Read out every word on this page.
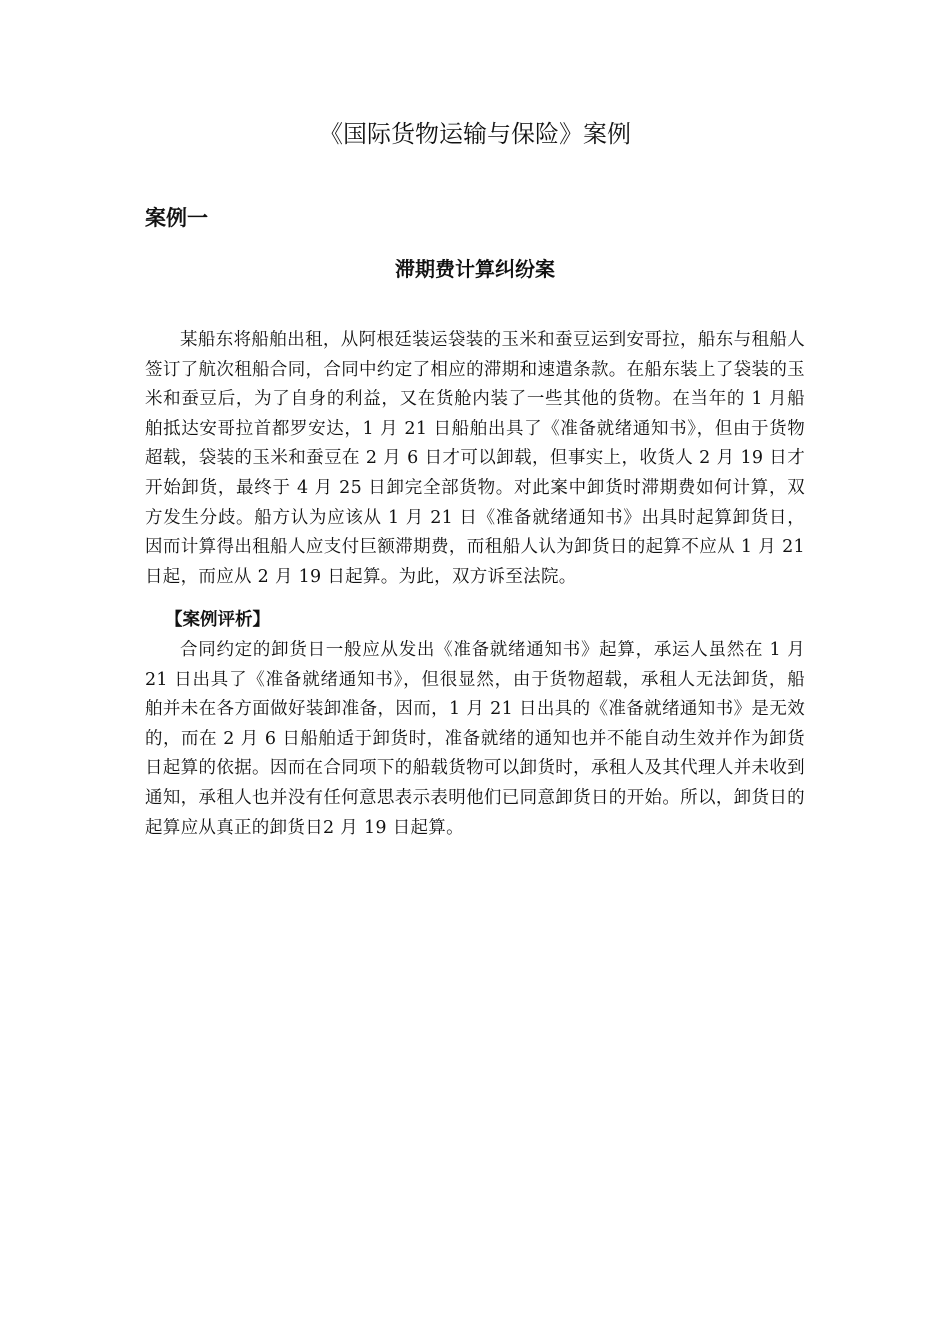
《国际货物运输与保险》案例
案例一
滞期费计算纠纷案

某船东将船舶出租，从阿根廷装运袋装的玉米和蚕豆运到安哥拉，船东与租船人签订了航次租船合同，合同中约定了相应的滞期和速遣条款。在船东装上了袋装的玉米和蚕豆后，为了自身的利益，又在货舱内装了一些其他的货物。在当年的 1 月船舶抵达安哥拉首都罗安达，1 月 21 日船舶出具了《准备就绪通知书》，但由于货物超载，袋装的玉米和蚕豆在 2 月 6 日才可以卸载，但事实上，收货人 2 月 19 日才开始卸货，最终于 4 月 25 日卸完全部货物。对此案中卸货时滞期费如何计算，双方发生分歧。船方认为应该从 1 月 21 日《准备就绪通知书》出具时起算卸货日，因而计算得出租船人应支付巨额滞期费，而租船人认为卸货日的起算不应从 1 月 21 日起，而应从 2 月 19 日起算。为此，双方诉至法院。

【案例评析】

合同约定的卸货日一般应从发出《准备就绪通知书》起算，承运人虽然在 1 月 21 日出具了《准备就绪通知书》，但很显然，由于货物超载，承租人无法卸货，船舶并未在各方面做好装卸准备，因而，1 月 21 日出具的《准备就绪通知书》是无效的，而在 2 月 6 日船舶适于卸货时，准备就绪的通知也并不能自动生效并作为卸货日起算的依据。因而在合同项下的船载货物可以卸货时，承租人及其代理人并未收到通知，承租人也并没有任何意思表示表明他们已同意卸货日的开始。所以，卸货日的起算应从真正的卸货日2 月 19 日起算。
